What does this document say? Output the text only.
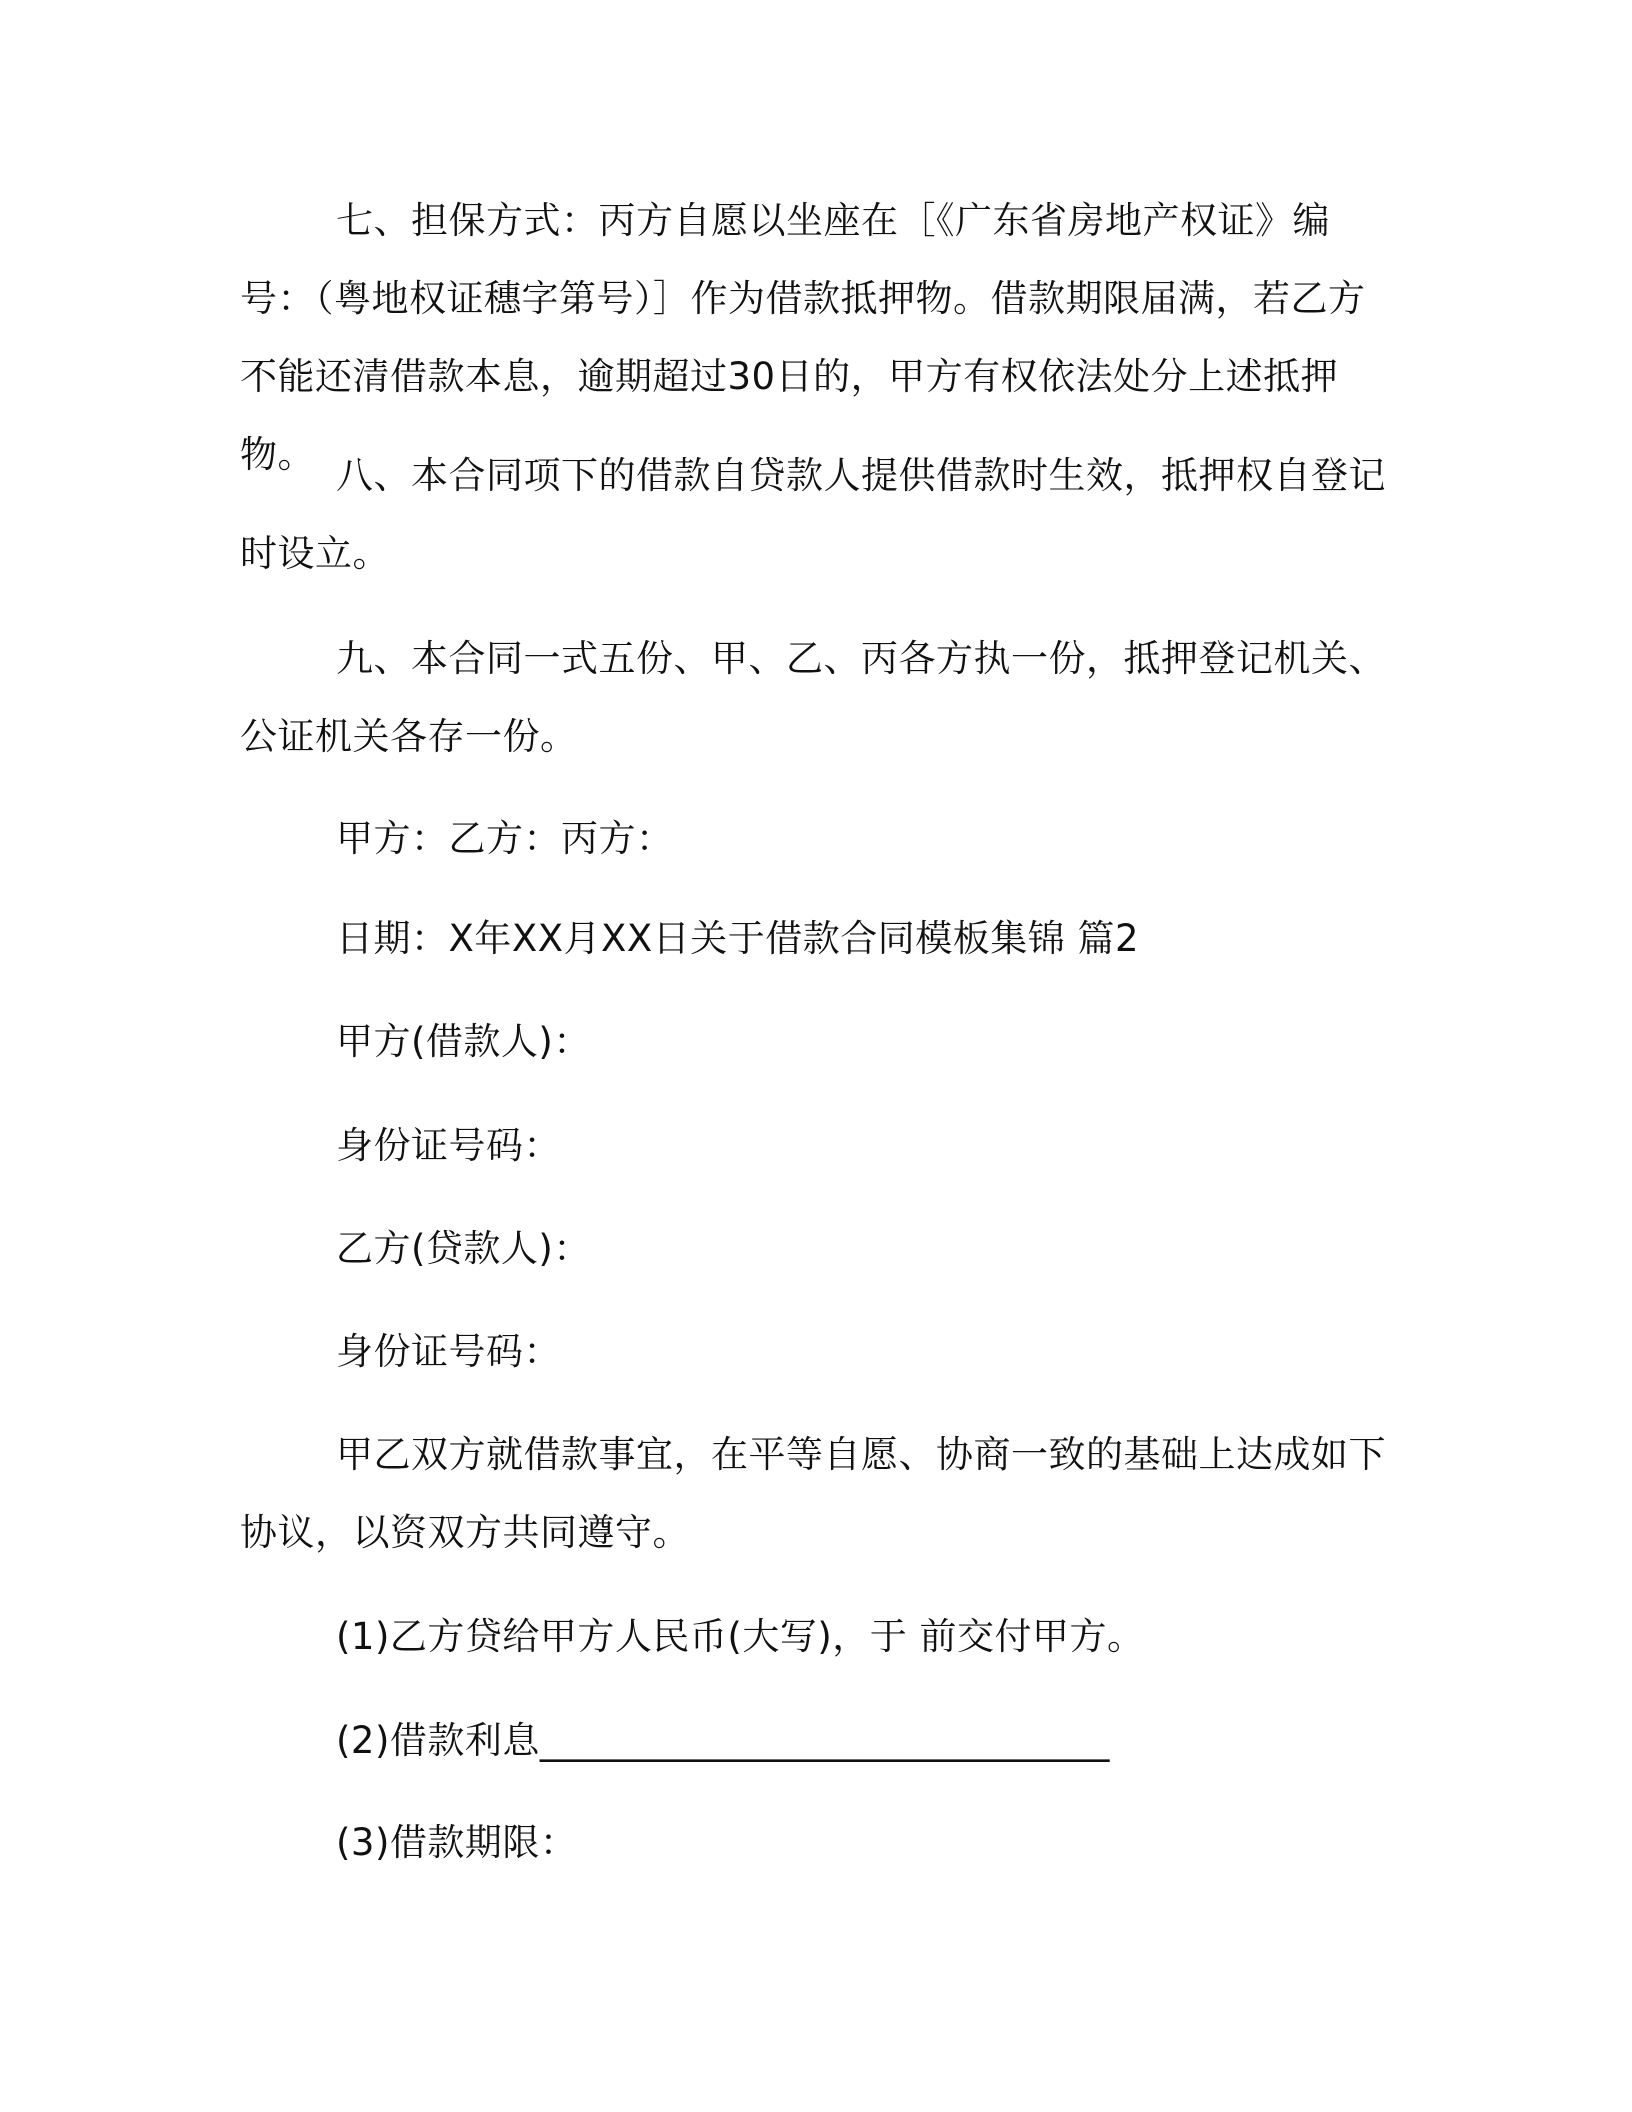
七、担保方式：丙方自愿以坐座在［《广东省房地产权证》编号：（粤地权证穗字第号）］作为借款抵押物。借款期限届满，若乙方不能还清借款本息，逾期超过30日的，甲方有权依法处分上述抵押物。 八、本合同项下的借款自贷款人提供借款时生效，抵押权自登记时设立。
九、本合同一式五份、甲、乙、丙各方执一份，抵押登记机关、公证机关各存一份。
甲方：乙方：丙方：
日期：X年XX月XX日关于借款合同模板集锦 篇2
甲方(借款人)：
身份证号码：
乙方(贷款人)：
身份证号码：
甲乙双方就借款事宜，在平等自愿、协商一致的基础上达成如下协议，以资双方共同遵守。
(1)乙方贷给甲方人民币(大写)，于 前交付甲方。
(2)借款利息______________________________
(3)借款期限：
